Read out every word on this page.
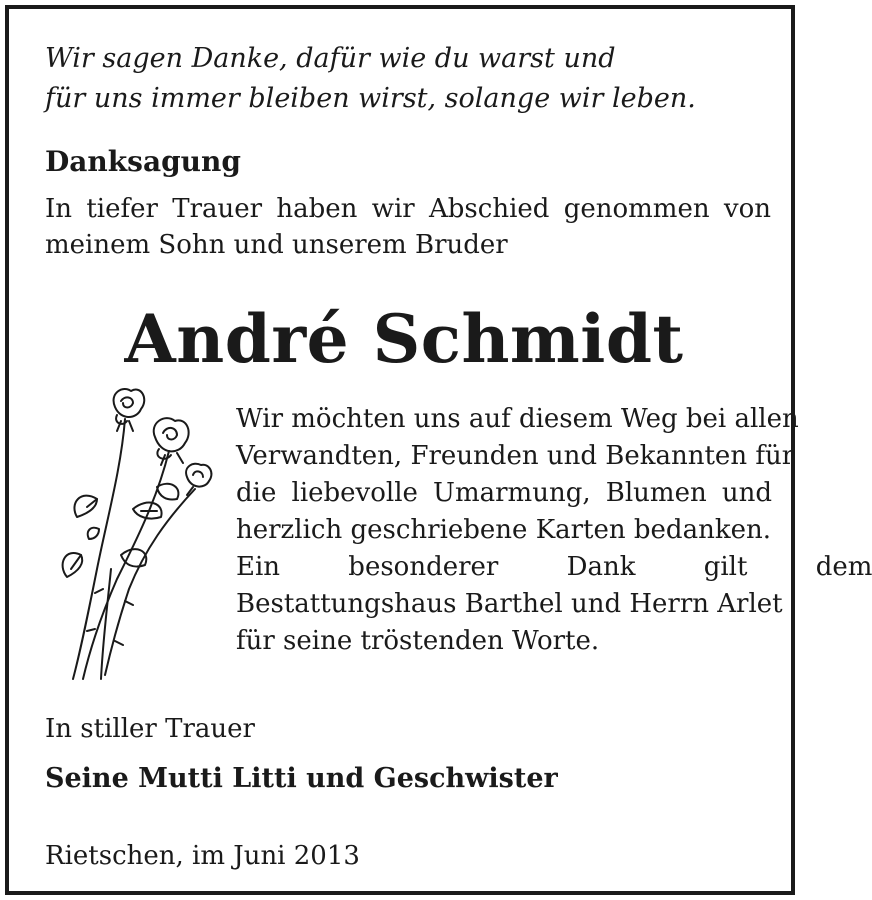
Wir sagen Danke, dafür wie du warst und
für uns immer bleiben wirst, solange wir leben.
Danksagung
In tiefer Trauer haben wir Abschied genommen von
meinem Sohn und unserem Bruder
André Schmidt
Wir möchten uns auf diesem Weg bei allen
Verwandten, Freunden und Bekannten für
die liebevolle Umarmung, Blumen und
herzlich geschriebene Karten bedanken.
Ein besonderer Dank gilt dem
Bestattungshaus Barthel und Herrn Arlet
für seine tröstenden Worte.
In stiller Trauer
Seine Mutti Litti und Geschwister
Rietschen, im Juni 2013
